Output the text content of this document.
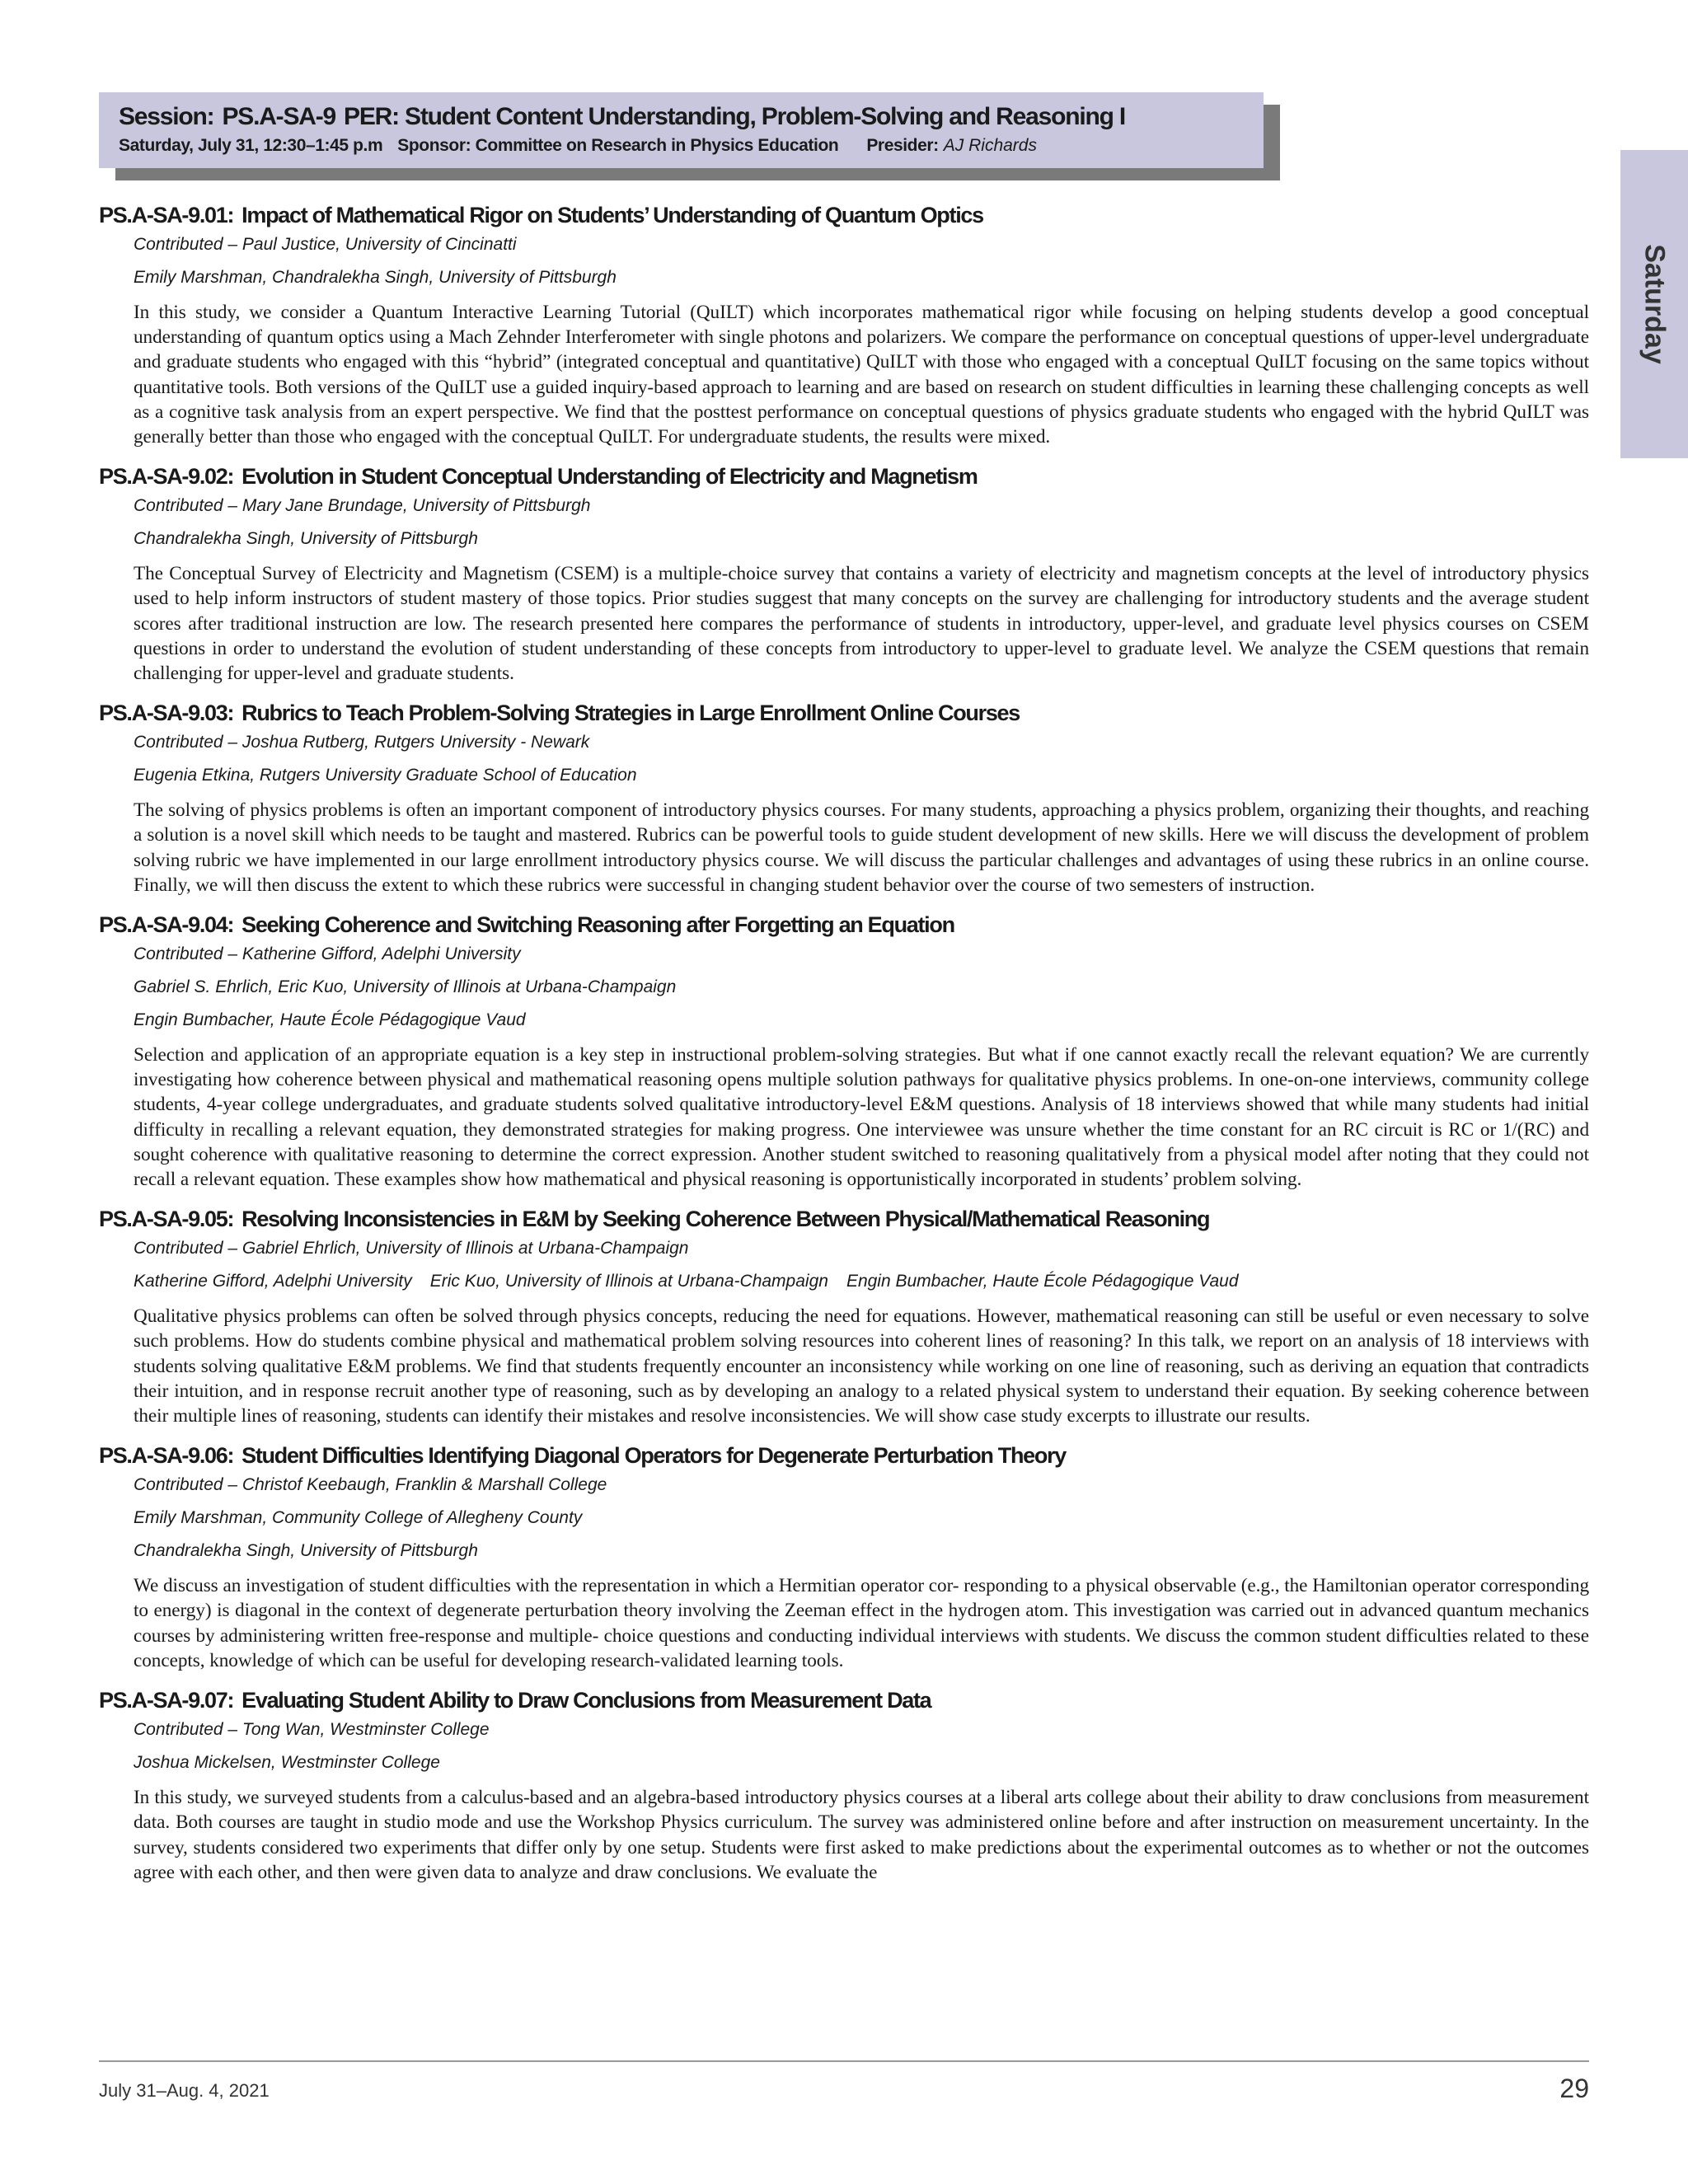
Session: PS.A-SA-9 PER: Student Content Understanding, Problem-Solving and Reasoning I
Saturday, July 31, 12:30–1:45 p.m Sponsor: Committee on Research in Physics Education Presider: AJ Richards
Saturday
PS.A-SA-9.01: Impact of Mathematical Rigor on Students’ Understanding of Quantum Optics
Contributed – Paul Justice, University of Cincinatti
Emily Marshman, Chandralekha Singh, University of Pittsburgh
In this study, we consider a Quantum Interactive Learning Tutorial (QuILT) which incorporates mathematical rigor while focusing on helping students develop a good conceptual understanding of quantum optics using a Mach Zehnder Interferometer with single photons and polarizers. We compare the performance on conceptual questions of upper-level undergraduate and graduate students who engaged with this “hybrid” (integrated conceptual and quantitative) QuILT with those who engaged with a conceptual QuILT focusing on the same topics without quantitative tools. Both versions of the QuILT use a guided inquiry-based approach to learning and are based on research on student difficulties in learning these challenging concepts as well as a cognitive task analysis from an expert perspective. We find that the posttest performance on conceptual questions of physics graduate students who engaged with the hybrid QuILT was generally better than those who engaged with the conceptual QuILT. For undergraduate students, the results were mixed.
PS.A-SA-9.02: Evolution in Student Conceptual Understanding of Electricity and Magnetism
Contributed – Mary Jane Brundage, University of Pittsburgh
Chandralekha Singh, University of Pittsburgh
The Conceptual Survey of Electricity and Magnetism (CSEM) is a multiple-choice survey that contains a variety of electricity and magnetism concepts at the level of introductory physics used to help inform instructors of student mastery of those topics. Prior studies suggest that many concepts on the survey are challenging for introductory students and the average student scores after traditional instruction are low. The research presented here compares the performance of students in introductory, upper-level, and graduate level physics courses on CSEM questions in order to understand the evolution of student understanding of these concepts from introductory to upper-level to graduate level. We analyze the CSEM questions that remain challenging for upper-level and graduate students.
PS.A-SA-9.03: Rubrics to Teach Problem-Solving Strategies in Large Enrollment Online Courses
Contributed – Joshua Rutberg, Rutgers University - Newark
Eugenia Etkina, Rutgers University Graduate School of Education
The solving of physics problems is often an important component of introductory physics courses. For many students, approaching a physics problem, organizing their thoughts, and reaching a solution is a novel skill which needs to be taught and mastered. Rubrics can be powerful tools to guide student development of new skills. Here we will discuss the development of problem solving rubric we have implemented in our large enrollment introductory physics course. We will discuss the particular challenges and advantages of using these rubrics in an online course. Finally, we will then discuss the extent to which these rubrics were successful in changing student behavior over the course of two semesters of instruction.
PS.A-SA-9.04: Seeking Coherence and Switching Reasoning after Forgetting an Equation
Contributed – Katherine Gifford, Adelphi University
Gabriel S. Ehrlich, Eric Kuo, University of Illinois at Urbana-Champaign
Engin Bumbacher, Haute École Pédagogique Vaud
Selection and application of an appropriate equation is a key step in instructional problem-solving strategies. But what if one cannot exactly recall the relevant equation? We are currently investigating how coherence between physical and mathematical reasoning opens multiple solution pathways for qualitative physics problems. In one-on-one interviews, community college students, 4-year college undergraduates, and graduate students solved qualitative introductory-level E&M questions. Analysis of 18 interviews showed that while many students had initial difficulty in recalling a relevant equation, they demonstrated strategies for making progress. One interviewee was unsure whether the time constant for an RC circuit is RC or 1/(RC) and sought coherence with qualitative reasoning to determine the correct expression. Another student switched to reasoning qualitatively from a physical model after noting that they could not recall a relevant equation. These examples show how mathematical and physical reasoning is opportunistically incorporated in students’ problem solving.
PS.A-SA-9.05: Resolving Inconsistencies in E&M by Seeking Coherence Between Physical/Mathematical Reasoning
Contributed – Gabriel Ehrlich, University of Illinois at Urbana-Champaign
Katherine Gifford, Adelphi University Eric Kuo, University of Illinois at Urbana-Champaign Engin Bumbacher, Haute École Pédagogique Vaud
Qualitative physics problems can often be solved through physics concepts, reducing the need for equations. However, mathematical reasoning can still be useful or even necessary to solve such problems. How do students combine physical and mathematical problem solving resources into coherent lines of reasoning? In this talk, we report on an analysis of 18 interviews with students solving qualitative E&M problems. We find that students frequently encounter an inconsistency while working on one line of reasoning, such as deriving an equation that contradicts their intuition, and in response recruit another type of reasoning, such as by developing an analogy to a related physical system to understand their equation. By seeking coherence between their multiple lines of reasoning, students can identify their mistakes and resolve inconsistencies. We will show case study excerpts to illustrate our results.
PS.A-SA-9.06: Student Difficulties Identifying Diagonal Operators for Degenerate Perturbation Theory
Contributed – Christof Keebaugh, Franklin & Marshall College
Emily Marshman, Community College of Allegheny County
Chandralekha Singh, University of Pittsburgh
We discuss an investigation of student difficulties with the representation in which a Hermitian operator cor- responding to a physical observable (e.g., the Hamiltonian operator corresponding to energy) is diagonal in the context of degenerate perturbation theory involving the Zeeman effect in the hydrogen atom. This investigation was carried out in advanced quantum mechanics courses by administering written free-response and multiple- choice questions and conducting individual interviews with students. We discuss the common student difficulties related to these concepts, knowledge of which can be useful for developing research-validated learning tools.
PS.A-SA-9.07: Evaluating Student Ability to Draw Conclusions from Measurement Data
Contributed – Tong Wan, Westminster College
Joshua Mickelsen, Westminster College
In this study, we surveyed students from a calculus-based and an algebra-based introductory physics courses at a liberal arts college about their ability to draw conclusions from measurement data. Both courses are taught in studio mode and use the Workshop Physics curriculum. The survey was administered online before and after instruction on measurement uncertainty. In the survey, students considered two experiments that differ only by one setup. Students were first asked to make predictions about the experimental outcomes as to whether or not the outcomes agree with each other, and then were given data to analyze and draw conclusions. We evaluate the
July 31–Aug. 4, 2021	29
